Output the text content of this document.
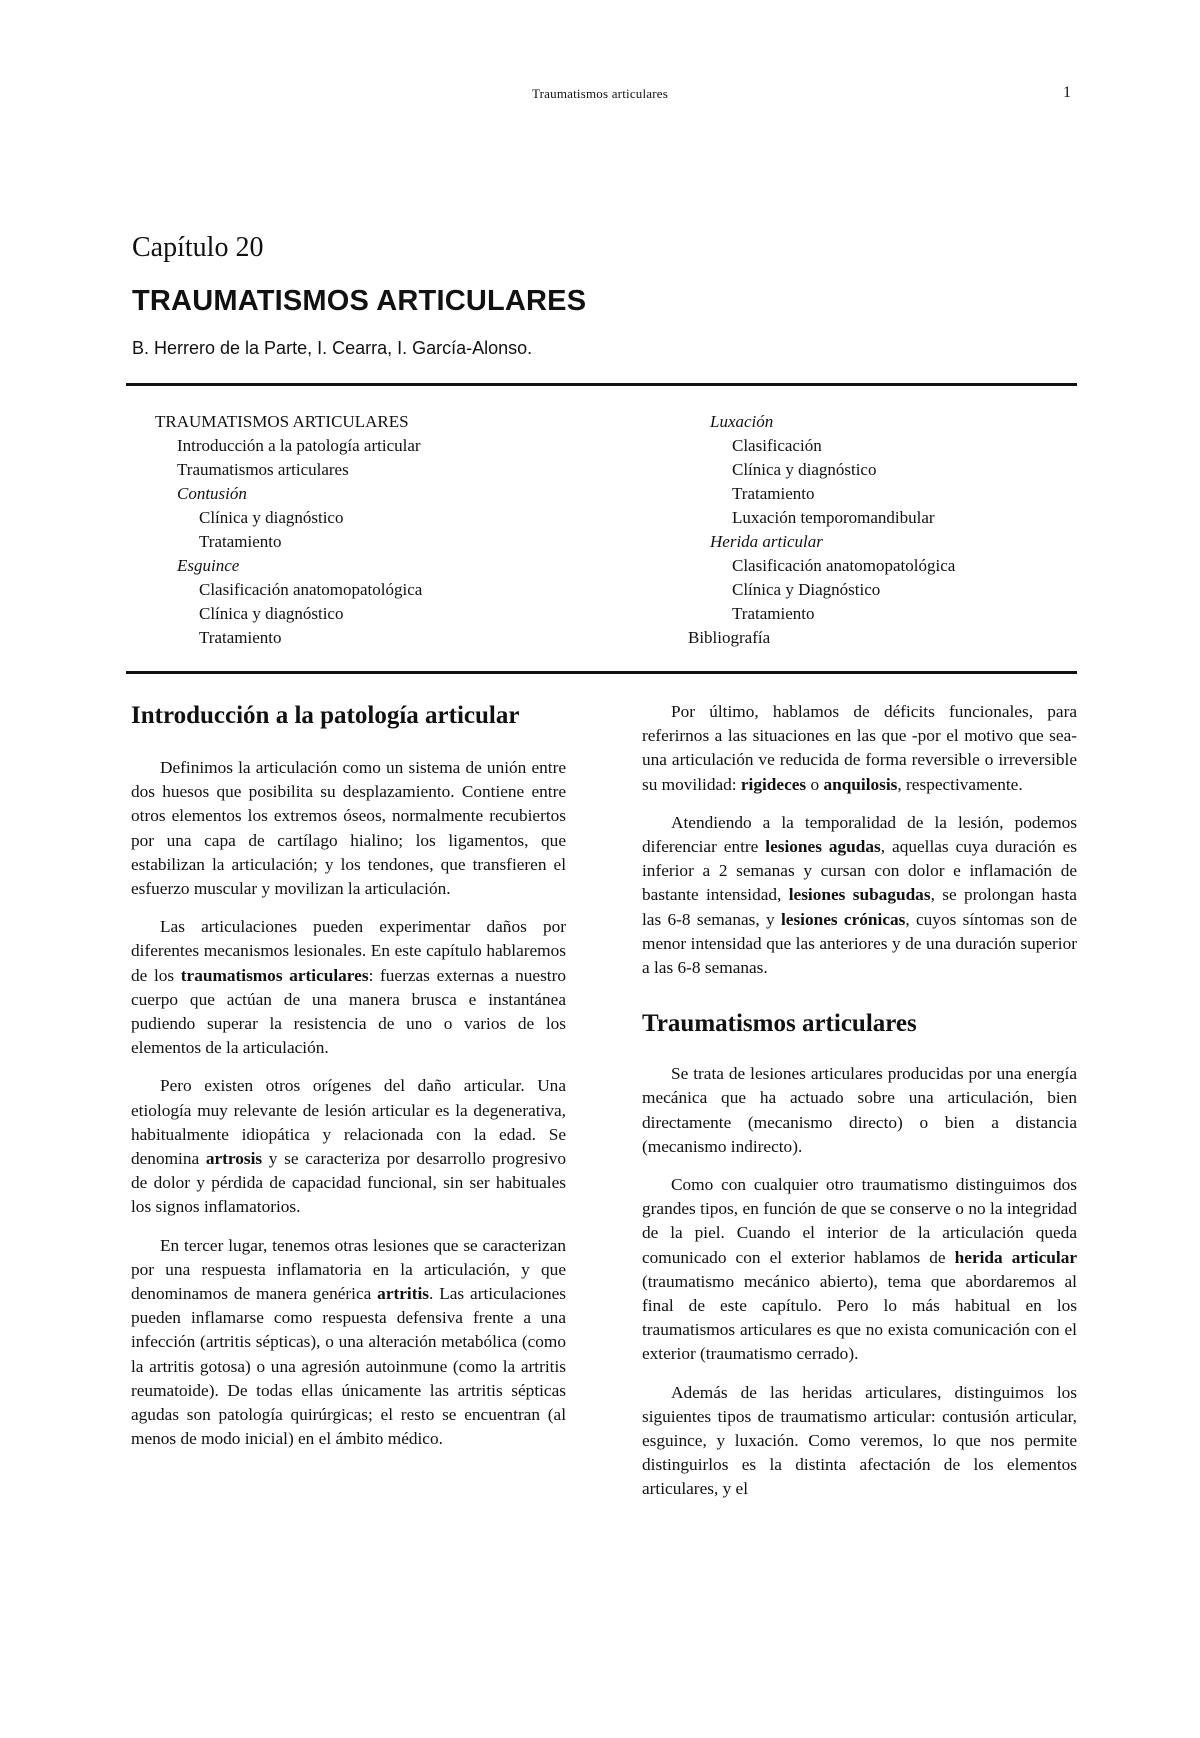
Traumatismos articulares	1
Capítulo 20
TRAUMATISMOS ARTICULARES
B. Herrero de la Parte, I. Cearra, I. García-Alonso.
TRAUMATISMOS ARTICULARES
Introducción a la patología articular
Traumatismos articulares
Contusión
Clínica y diagnóstico
Tratamiento
Esguince
Clasificación anatomopatológica
Clínica y diagnóstico
Tratamiento
Luxación
Clasificación
Clínica y diagnóstico
Tratamiento
Luxación temporomandibular
Herida articular
Clasificación anatomopatológica
Clínica y Diagnóstico
Tratamiento
Bibliografía
Introducción a la patología articular

Definimos la articulación como un sistema de unión entre dos huesos que posibilita su desplazamiento. Contiene entre otros elementos los extremos óseos, normalmente recubiertos por una capa de cartílago hialino; los ligamentos, que estabilizan la articulación; y los tendones, que transfieren el esfuerzo muscular y movilizan la articulación.

Las articulaciones pueden experimentar daños por diferentes mecanismos lesionales. En este capítulo hablaremos de los traumatismos articulares: fuerzas externas a nuestro cuerpo que actúan de una manera brusca e instantánea pudiendo superar la resistencia de uno o varios de los elementos de la articulación.

Pero existen otros orígenes del daño articular. Una etiología muy relevante de lesión articular es la degenerativa, habitualmente idiopática y relacionada con la edad. Se denomina artrosis y se caracteriza por desarrollo progresivo de dolor y pérdida de capacidad funcional, sin ser habituales los signos inflamatorios.

En tercer lugar, tenemos otras lesiones que se caracterizan por una respuesta inflamatoria en la articulación, y que denominamos de manera genérica artritis. Las articulaciones pueden inflamarse como respuesta defensiva frente a una infección (artritis sépticas), o una alteración metabólica (como la artritis gotosa) o una agresión autoinmune (como la artritis reumatoide). De todas ellas únicamente las artritis sépticas agudas son patología quirúrgicas; el resto se encuentran (al menos de modo inicial) en el ámbito médico.

Por último, hablamos de déficits funcionales, para referirnos a las situaciones en las que -por el motivo que sea- una articulación ve reducida de forma reversible o irreversible su movilidad: rigideces o anquilosis, respectivamente.

Atendiendo a la temporalidad de la lesión, podemos diferenciar entre lesiones agudas, aquellas cuya duración es inferior a 2 semanas y cursan con dolor e inflamación de bastante intensidad, lesiones subagudas, se prolongan hasta las 6-8 semanas, y lesiones crónicas, cuyos síntomas son de menor intensidad que las anteriores y de una duración superior a las 6-8 semanas.

Traumatismos articulares

Se trata de lesiones articulares producidas por una energía mecánica que ha actuado sobre una articulación, bien directamente (mecanismo directo) o bien a distancia (mecanismo indirecto).

Como con cualquier otro traumatismo distinguimos dos grandes tipos, en función de que se conserve o no la integridad de la piel. Cuando el interior de la articulación queda comunicado con el exterior hablamos de herida articular (traumatismo mecánico abierto), tema que abordaremos al final de este capítulo. Pero lo más habitual en los traumatismos articulares es que no exista comunicación con el exterior (traumatismo cerrado).

Además de las heridas articulares, distinguimos los siguientes tipos de traumatismo articular: contusión articular, esguince, y luxación. Como veremos, lo que nos permite distinguirlos es la distinta afectación de los elementos articulares, y el
